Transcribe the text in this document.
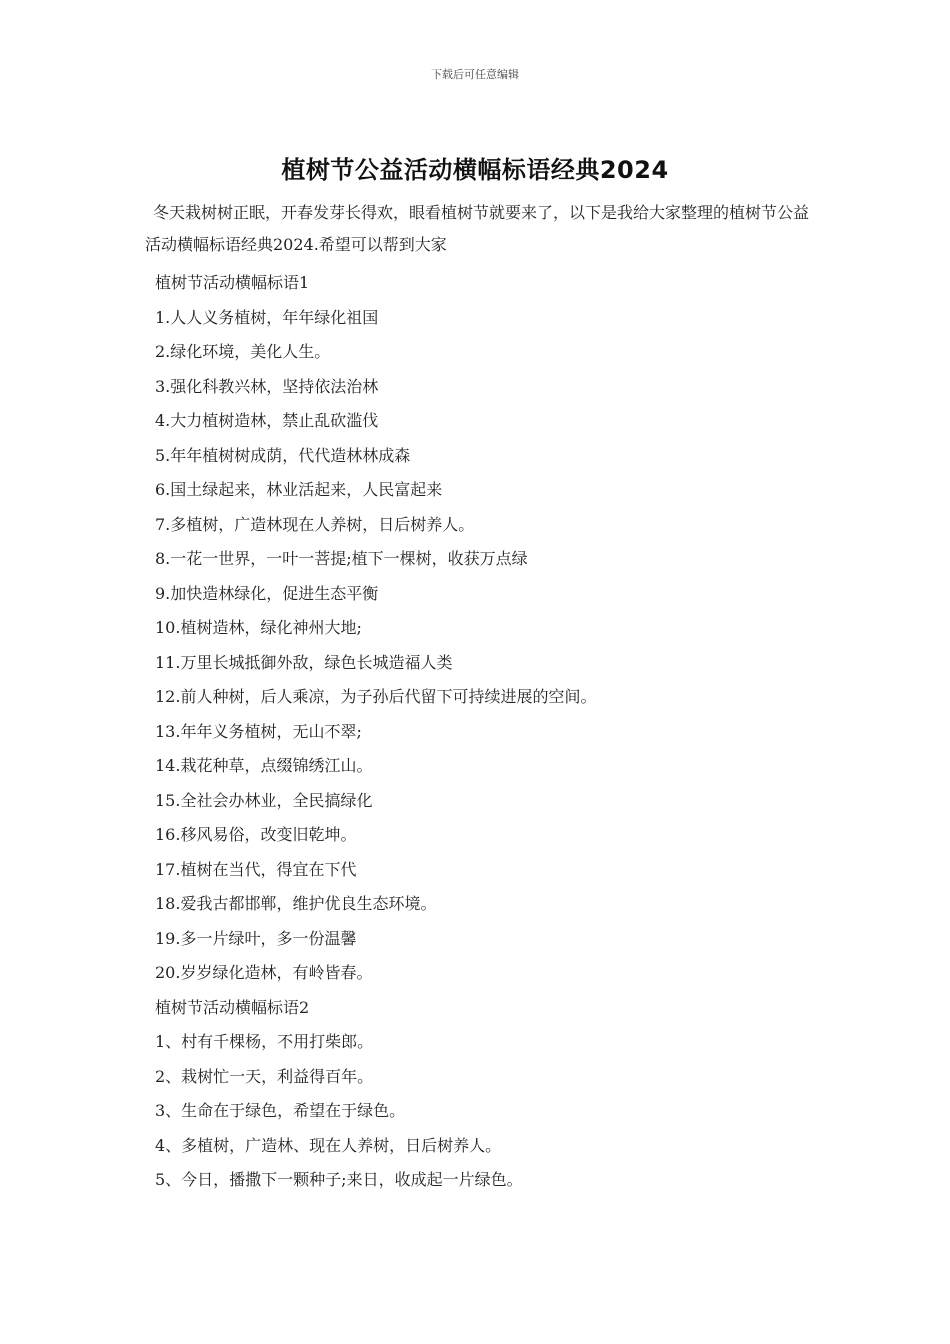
下载后可任意编辑
植树节公益活动横幅标语经典2024
冬天栽树树正眠，开春发芽长得欢，眼看植树节就要来了，以下是我给大家整理的植树节公益活动横幅标语经典2024.希望可以帮到大家
植树节活动横幅标语1
1.人人义务植树，年年绿化祖国
2.绿化环境，美化人生。
3.强化科教兴林，坚持依法治林
4.大力植树造林，禁止乱砍滥伐
5.年年植树树成荫，代代造林林成森
6.国土绿起来，林业活起来，人民富起来
7.多植树，广造林现在人养树，日后树养人。
8.一花一世界，一叶一菩提;植下一棵树，收获万点绿
9.加快造林绿化，促进生态平衡
10.植树造林，绿化神州大地;
11.万里长城抵御外敌，绿色长城造福人类
12.前人种树，后人乘凉，为子孙后代留下可持续进展的空间。
13.年年义务植树，无山不翠;
14.栽花种草，点缀锦绣江山。
15.全社会办林业，全民搞绿化
16.移风易俗，改变旧乾坤。
17.植树在当代，得宜在下代
18.爱我古都邯郸，维护优良生态环境。
19.多一片绿叶，多一份温馨
20.岁岁绿化造林，有岭皆春。
植树节活动横幅标语2
1、村有千棵杨，不用打柴郎。
2、栽树忙一天，利益得百年。
3、生命在于绿色，希望在于绿色。
4、多植树，广造林、现在人养树，日后树养人。
5、今日，播撒下一颗种子;来日，收成起一片绿色。
